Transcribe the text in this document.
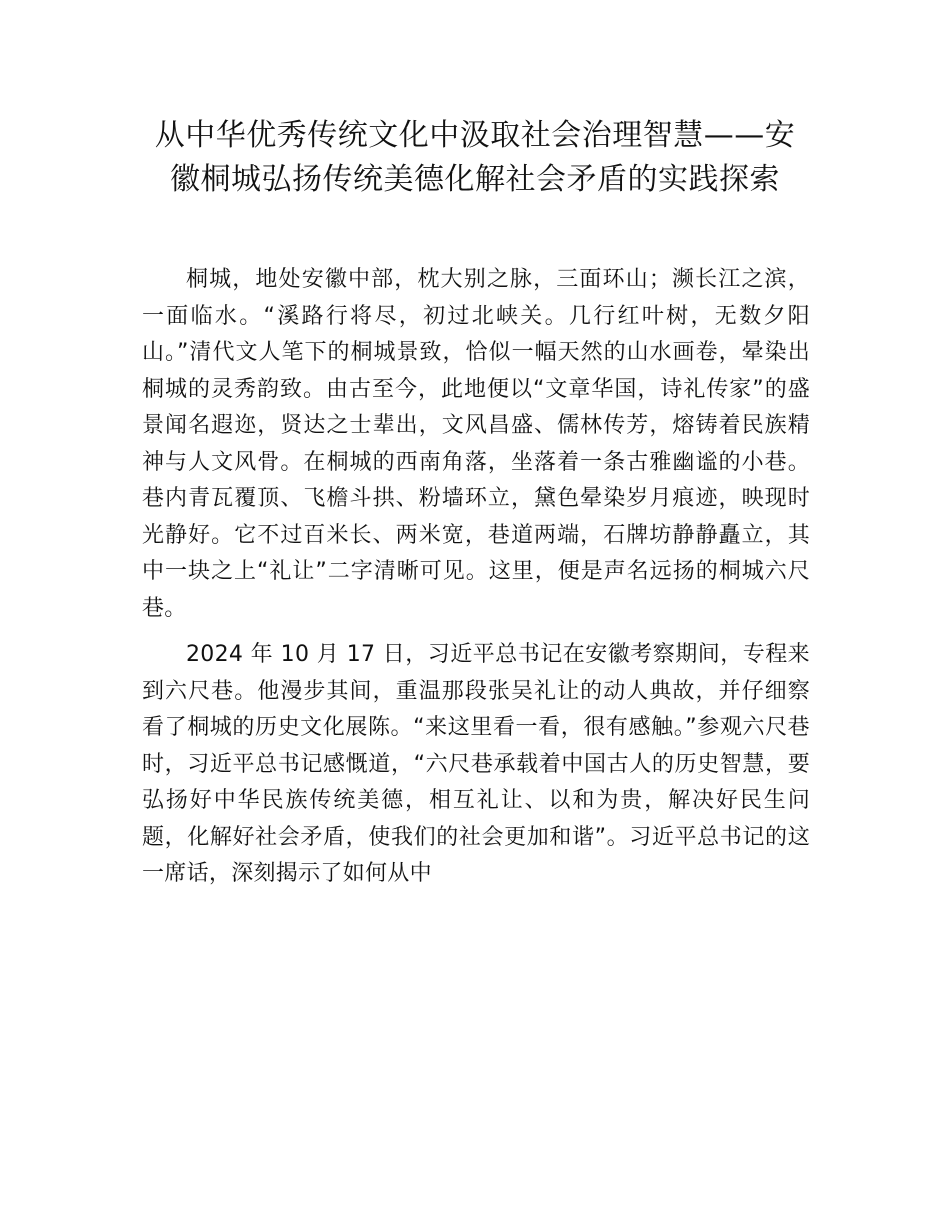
从中华优秀传统文化中汲取社会治理智慧——安徽桐城弘扬传统美德化解社会矛盾的实践探索

桐城，地处安徽中部，枕大别之脉，三面环山；濒长江之滨，一面临水。“溪路行将尽，初过北峡关。几行红叶树，无数夕阳山。”清代文人笔下的桐城景致，恰似一幅天然的山水画卷，晕染出桐城的灵秀韵致。由古至今，此地便以“文章华国，诗礼传家”的盛景闻名遐迩，贤达之士辈出，文风昌盛、儒林传芳，熔铸着民族精神与人文风骨。在桐城的西南角落，坐落着一条古雅幽谧的小巷。巷内青瓦覆顶、飞檐斗拱、粉墙环立，黛色晕染岁月痕迹，映现时光静好。它不过百米长、两米宽，巷道两端，石牌坊静静矗立，其中一块之上“礼让”二字清晰可见。这里，便是声名远扬的桐城六尺巷。

2024 年 10 月 17 日，习近平总书记在安徽考察期间，专程来到六尺巷。他漫步其间，重温那段张吴礼让的动人典故，并仔细察看了桐城的历史文化展陈。“来这里看一看，很有感触。”参观六尺巷时，习近平总书记感慨道，“六尺巷承载着中国古人的历史智慧，要弘扬好中华民族传统美德，相互礼让、以和为贵，解决好民生问题，化解好社会矛盾，使我们的社会更加和谐”。习近平总书记的这一席话，深刻揭示了如何从中
